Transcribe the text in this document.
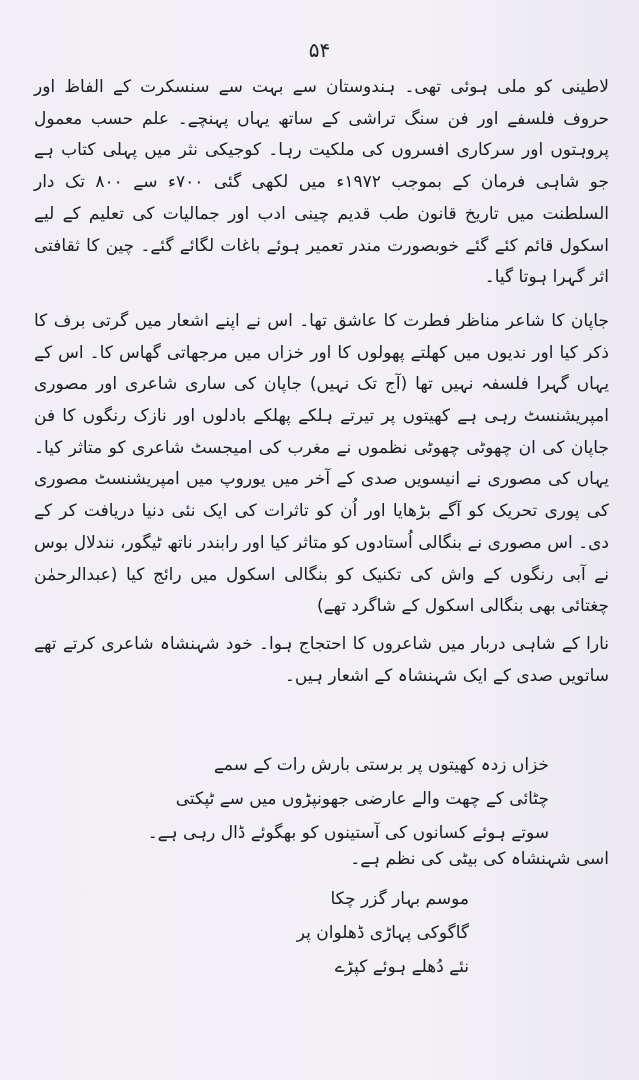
۵۴

لاطینی کو ملی ہوئی تھی۔ ہندوستان سے بہت سے سنسکرت کے الفاظ اور حروف فلسفے اور فن سنگ تراشی کے ساتھ یہاں پہنچے۔ علم حسب معمول پروہتوں اور سرکاری افسروں کی ملکیت رہا۔ کوجیکی نثر میں پہلی کتاب ہے جو شاہی فرمان کے بموجب ۱۹۷۲ء میں لکھی گئی ۷۰۰ء سے ۸۰۰ تک دار السلطنت میں تاریخ قانون طب قدیم چینی ادب اور جمالیات کی تعلیم کے لیے اسکول قائم کئے گئے خوبصورت مندر تعمیر ہوئے باغات لگائے گئے۔ چین کا ثقافتی اثر گہرا ہوتا گیا۔

جاپان کا شاعر مناظر فطرت کا عاشق تھا۔ اس نے اپنے اشعار میں گرتی برف کا ذکر کیا اور ندیوں میں کھلتے پھولوں کا اور خزاں میں مرجھاتی گھاس کا۔ اس کے یہاں گہرا فلسفہ نہیں تھا (آج تک نہیں) جاپان کی ساری شاعری اور مصوری امپریشنسٹ رہی ہے کھیتوں پر تیرتے ہلکے پھلکے بادلوں اور نازک رنگوں کا فن جاپان کی ان چھوٹی چھوٹی نظموں نے مغرب کی امیجسٹ شاعری کو متاثر کیا۔ یہاں کی مصوری نے انیسویں صدی کے آخر میں یوروپ میں امپریشنسٹ مصوری کی پوری تحریک کو آگے بڑھایا اور اُن کو تاثرات کی ایک نئی دنیا دریافت کر کے دی۔ اس مصوری نے بنگالی اُستادوں کو متاثر کیا اور رابندر ناتھ ٹیگور، نندلال بوس نے آبی رنگوں کے واش کی تکنیک کو بنگالی اسکول میں رائج کیا (عبدالرحمٰن چغتائی بھی بنگالی اسکول کے شاگرد تھے)

نارا کے شاہی دربار میں شاعروں کا احتجاج ہوا۔ خود شہنشاہ شاعری کرتے تھے ساتویں صدی کے ایک شہنشاہ کے اشعار ہیں۔

خزاں زدہ کھیتوں پر برستی بارش رات کے سمے
چٹائی کے چھت والے عارضی جھونپڑوں میں سے ٹپکتی
سوتے ہوئے کسانوں کی آستینوں کو بھگوئے ڈال رہی ہے۔
اسی شہنشاہ کی بیٹی کی نظم ہے۔
موسم بہار گزر چکا
گاگوکی پہاڑی ڈھلوان پر
نئے دُھلے ہوئے کپڑے
